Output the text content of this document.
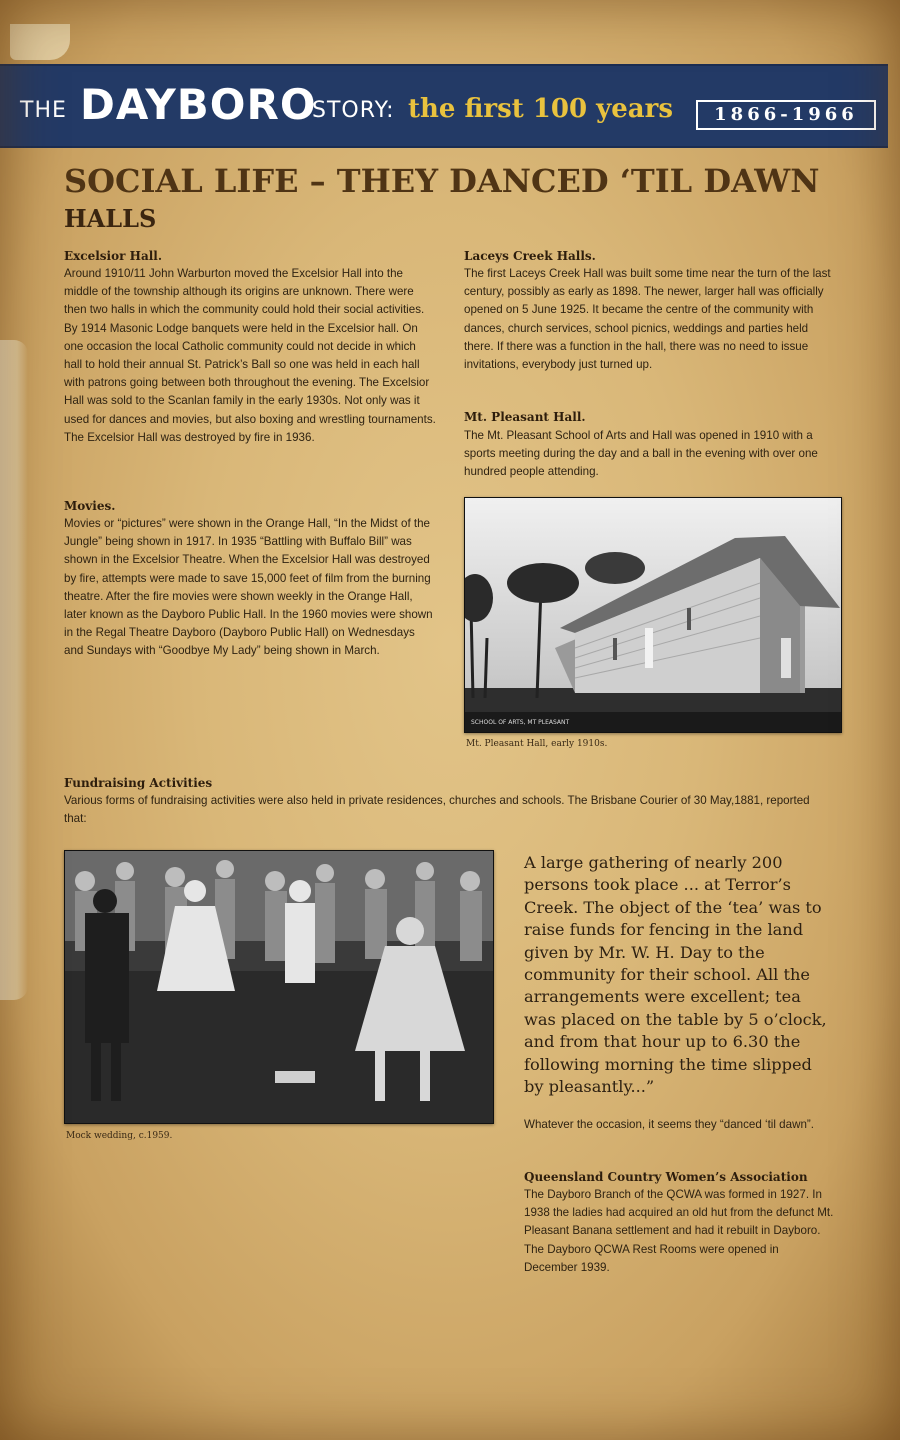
THE DAYBORO
STORY: the first 100 years	1866-1966
SOCIAL LIFE – THEY DANCED ‘TIL DAWN
HALLS
Excelsior Hall.
Around 1910/11 John Warburton moved the Excelsior Hall into the middle of the township although its origins are unknown. There were then two halls in which the community could hold their social activities. By 1914 Masonic Lodge banquets were held in the Excelsior hall. On one occasion the local Catholic community could not decide in which hall to hold their annual St. Patrick’s Ball so one was held in each hall with patrons going between both throughout the evening. The Excelsior Hall was sold to the Scanlan family in the early 1930s. Not only was it used for dances and movies, but also boxing and wrestling tournaments. The Excelsior Hall was destroyed by fire in 1936.
Movies.
Movies or “pictures” were shown in the Orange Hall, “In the Midst of the Jungle” being shown in 1917. In 1935 “Battling with Buffalo Bill” was shown in the Excelsior Theatre. When the Excelsior Hall was destroyed by fire, attempts were made to save 15,000 feet of film from the burning theatre. After the fire movies were shown weekly in the Orange Hall, later known as the Dayboro Public Hall. In the 1960 movies were shown in the Regal Theatre Dayboro (Dayboro Public Hall) on Wednesdays and Sundays with “Goodbye My Lady” being shown in March.
Laceys Creek Halls.
The first Laceys Creek Hall was built some time near the turn of the last century, possibly as early as 1898. The newer, larger hall was officially opened on 5 June 1925. It became the centre of the community with dances, church services, school picnics, weddings and parties held there. If there was a function in the hall, there was no need to issue invitations, everybody just turned up.
Mt. Pleasant Hall.
The Mt. Pleasant School of Arts and Hall was opened in 1910 with a sports meeting during the day and a ball in the evening with over one hundred people attending.
SCHOOL OF ARTS, MT PLEASANT
Mt. Pleasant Hall, early 1910s.
Fundraising Activities
Various forms of fundraising activities were also held in private residences, churches and schools. The Brisbane Courier of 30 May,1881, reported that:
Mock wedding, c.1959.
A large gathering of nearly 200 persons took place ... at Terror’s Creek. The object of the ‘tea’ was to raise funds for fencing in the land given by Mr. W. H. Day to the community for their school. All the arrangements were excellent; tea was placed on the table by 5 o’clock, and from that hour up to 6.30 the following morning the time slipped by pleasantly...”
Whatever the occasion, it seems they “danced ‘til dawn”.
Queensland Country Women’s Association
The Dayboro Branch of the QCWA was formed in 1927. In 1938 the ladies had acquired an old hut from the defunct Mt. Pleasant Banana settlement and had it rebuilt in Dayboro. The Dayboro QCWA Rest Rooms were opened in December 1939.
